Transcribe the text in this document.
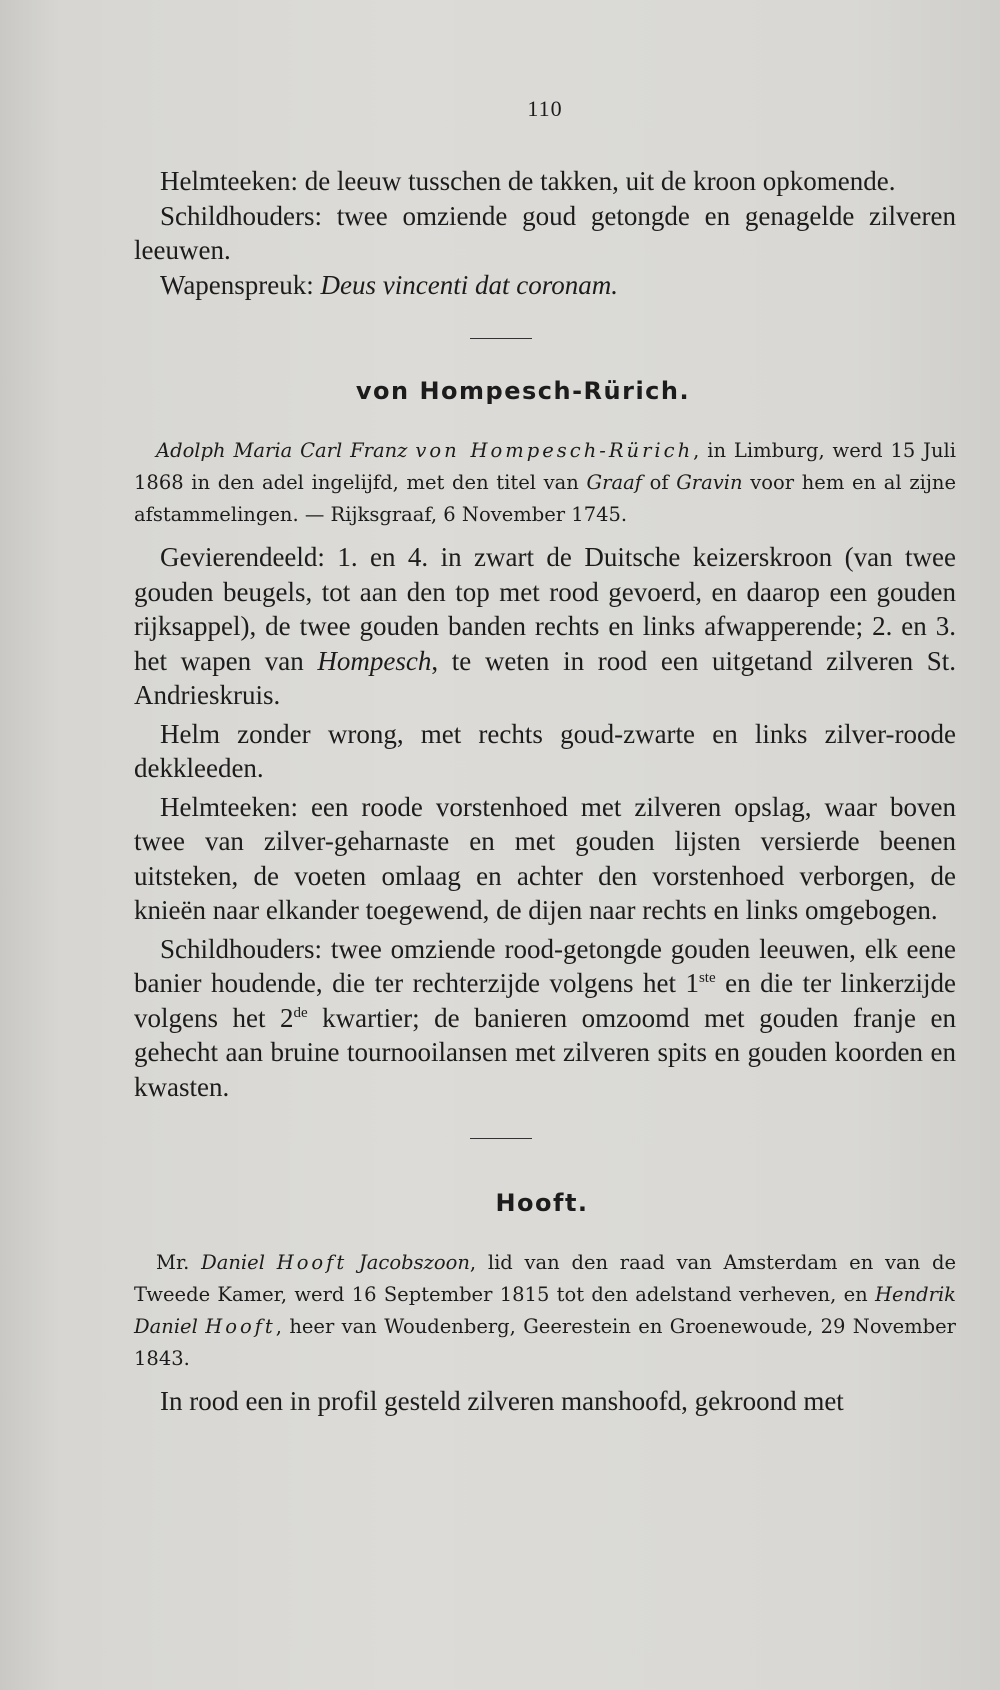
110

Helmteeken: de leeuw tusschen de takken, uit de kroon opkomende.

Schildhouders: twee omziende goud getongde en genagelde zilveren leeuwen.

Wapenspreuk: Deus vincenti dat coronam.

von Hompesch-Rürich.

Adolph Maria Carl Franz von Hompesch-Rürich, in Limburg, werd 15 Juli 1868 in den adel ingelijfd, met den titel van Graaf of Gravin voor hem en al zijne afstammelingen. — Rijksgraaf, 6 November 1745.

Gevierendeeld: 1. en 4. in zwart de Duitsche keizerskroon (van twee gouden beugels, tot aan den top met rood gevoerd, en daarop een gouden rijksappel), de twee gouden banden rechts en links afwapperende; 2. en 3. het wapen van Hompesch, te weten in rood een uitgetand zilveren St. Andrieskruis.

Helm zonder wrong, met rechts goud-zwarte en links zilver-roode dekkleeden.

Helmteeken: een roode vorstenhoed met zilveren opslag, waar boven twee van zilver-geharnaste en met gouden lijsten versierde beenen uitsteken, de voeten omlaag en achter den vorstenhoed verborgen, de knieën naar elkander toegewend, de dijen naar rechts en links omgebogen.

Schildhouders: twee omziende rood-getongde gouden leeuwen, elk eene banier houdende, die ter rechterzijde volgens het 1ste en die ter linkerzijde volgens het 2de kwartier; de banieren omzoomd met gouden franje en gehecht aan bruine tournooilansen met zilveren spits en gouden koorden en kwasten.

Hooft.

Mr. Daniel Hooft Jacobszoon, lid van den raad van Amsterdam en van de Tweede Kamer, werd 16 September 1815 tot den adelstand verheven, en Hendrik Daniel Hooft, heer van Woudenberg, Geerestein en Groenewoude, 29 November 1843.

In rood een in profil gesteld zilveren manshoofd, gekroond met
